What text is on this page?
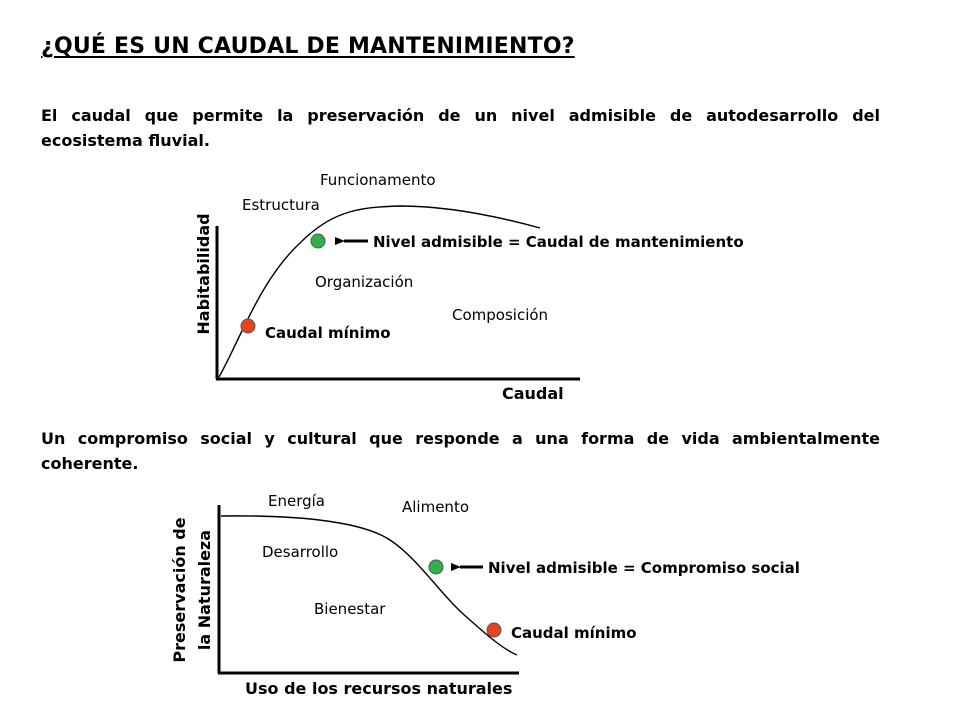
¿QUÉ ES UN CAUDAL DE MANTENIMIENTO?
El caudal que permite la preservación de un nivel admisible de autodesarrollo del ecosistema fluvial.
Un compromiso social y cultural que responde a una forma de vida ambientalmente coherente.
Habitabilidad
Caudal
Funcionamento
Estructura
Organización
Composición
Nivel admisible = Caudal de mantenimiento
Caudal mínimo
Preservación de la Naturaleza
Uso de los recursos naturales
Energía	Alimento
Desarrollo
Bienestar
Nivel admisible = Compromiso social
Caudal mínimo
